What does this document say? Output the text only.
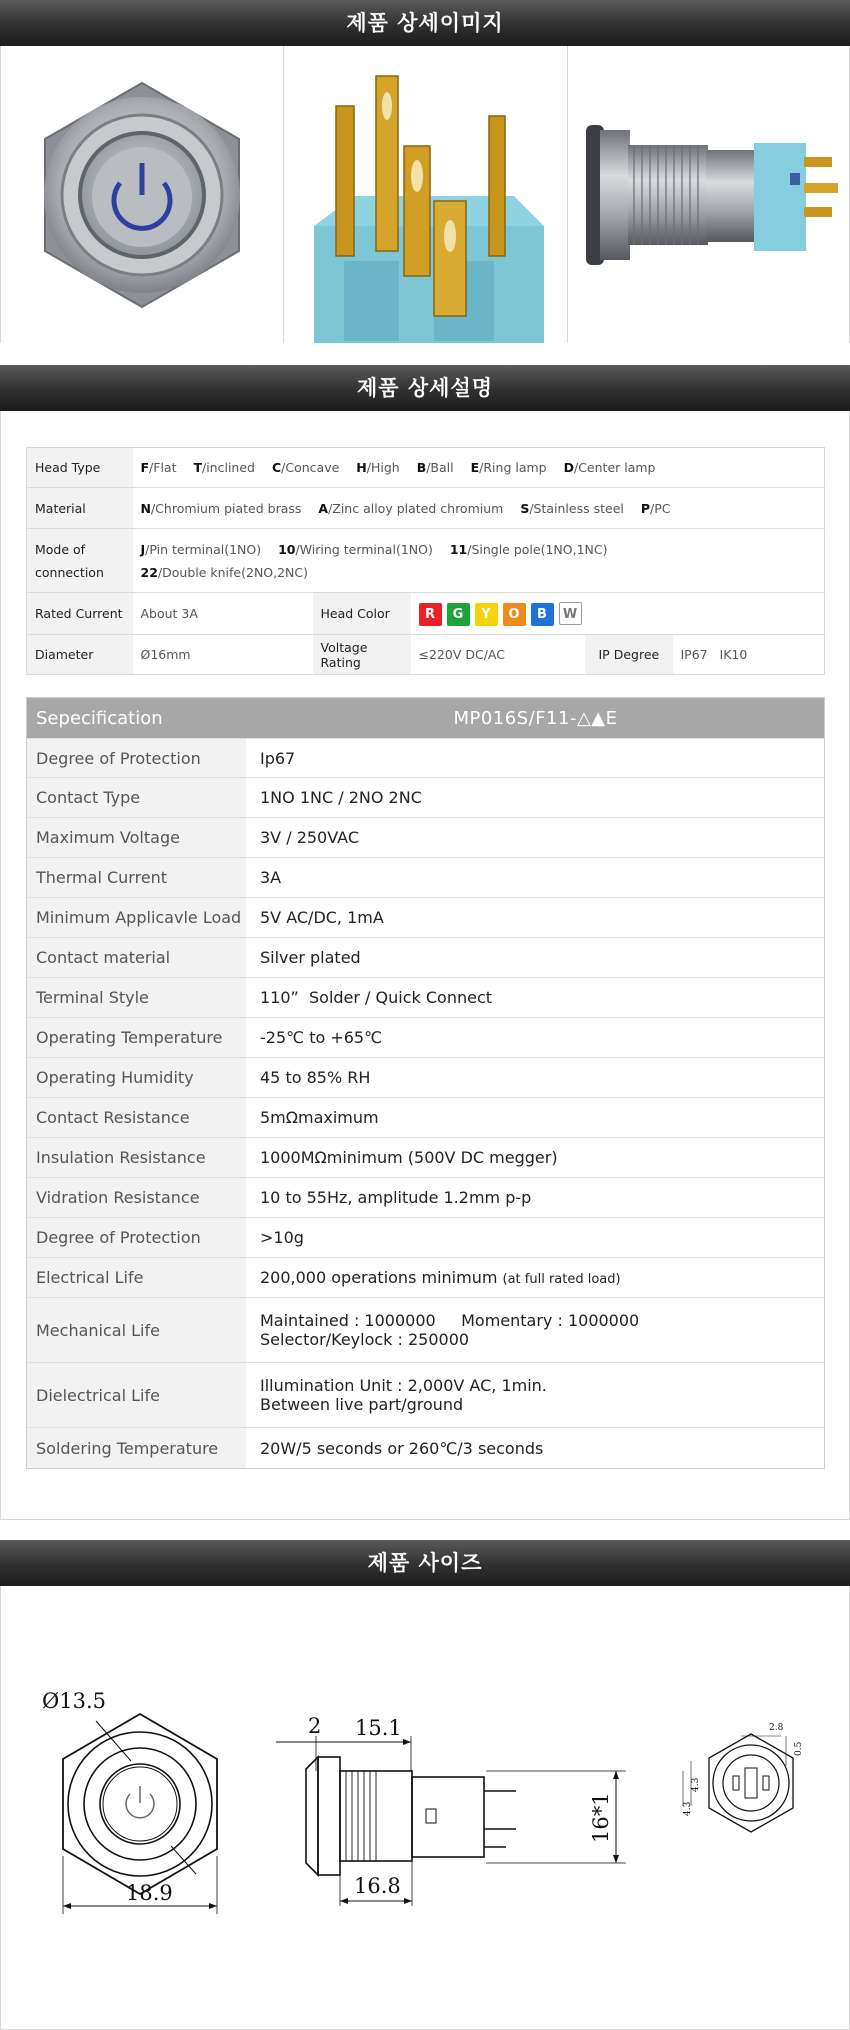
제품 상세이미지
제품 상세설명
Head Type	F/Flat T/inclined C/Concave H/High B/Ball E/Ring lamp D/Center lamp				
Material	N/Chromium piated brass A/Zinc alloy plated chromium S/Stainless steel P/PC				
Mode of connection	J/Pin terminal(1NO) 10/Wiring terminal(1NO) 11/Single pole(1NO,1NC)
22/Double knife(2NO,2NC)				

Rated Current	About 3A	Head Color	R G Y O B W		
Diameter	Ø16mm	Voltage Rating	≤220V DC/AC	IP Degree	IP67   IK10
Sepecification	MP016S/F11-△▲E
Degree of Protection	Ip67
Contact Type	1NO 1NC / 2NO 2NC
Maximum Voltage	3V / 250VAC
Thermal Current	3A
Minimum Applicavle Load 5V AC/DC, 1mA
Contact material	Silver plated
Terminal Style	110”  Solder / Quick Connect
Operating Temperature	-25℃ to +65℃
Operating Humidity	45 to 85% RH
Contact Resistance	5mΩmaximum
Insulation Resistance	1000MΩminimum (500V DC megger)
Vidration Resistance	10 to 55Hz, amplitude 1.2mm p-p
Degree of Protection	>10g
Electrical Life	200,000 operations minimum (at full rated load)
Mechanical Life	Maintained : 1000000     Momentary : 1000000
Selector/Keylock : 250000
Dielectrical Life	Illumination Unit : 2,000V AC, 1min.
Between live part/ground
Soldering Temperature	20W/5 seconds or 260℃/3 seconds
제품 사이즈
Ø13.5
18.9
2 15.1
16.8
16*1
2.8
0.5
4.3
4.3
